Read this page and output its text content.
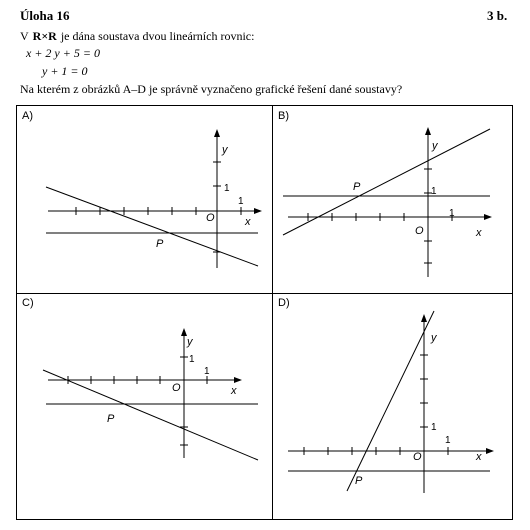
Úloha 16	3 b.
V R×R je dána soustava dvou lineárních rovnic:
x + 2 y + 5 = 0
y + 1 = 0
Na kterém z obrázků A–D je správně vyznačeno grafické řešení dané soustavy?
A)
y
x
1
1
O
P
B)
y
x
1
1
O
P
C)
y
x
1
1
O
P
D)
y
x
1
1
O
P
